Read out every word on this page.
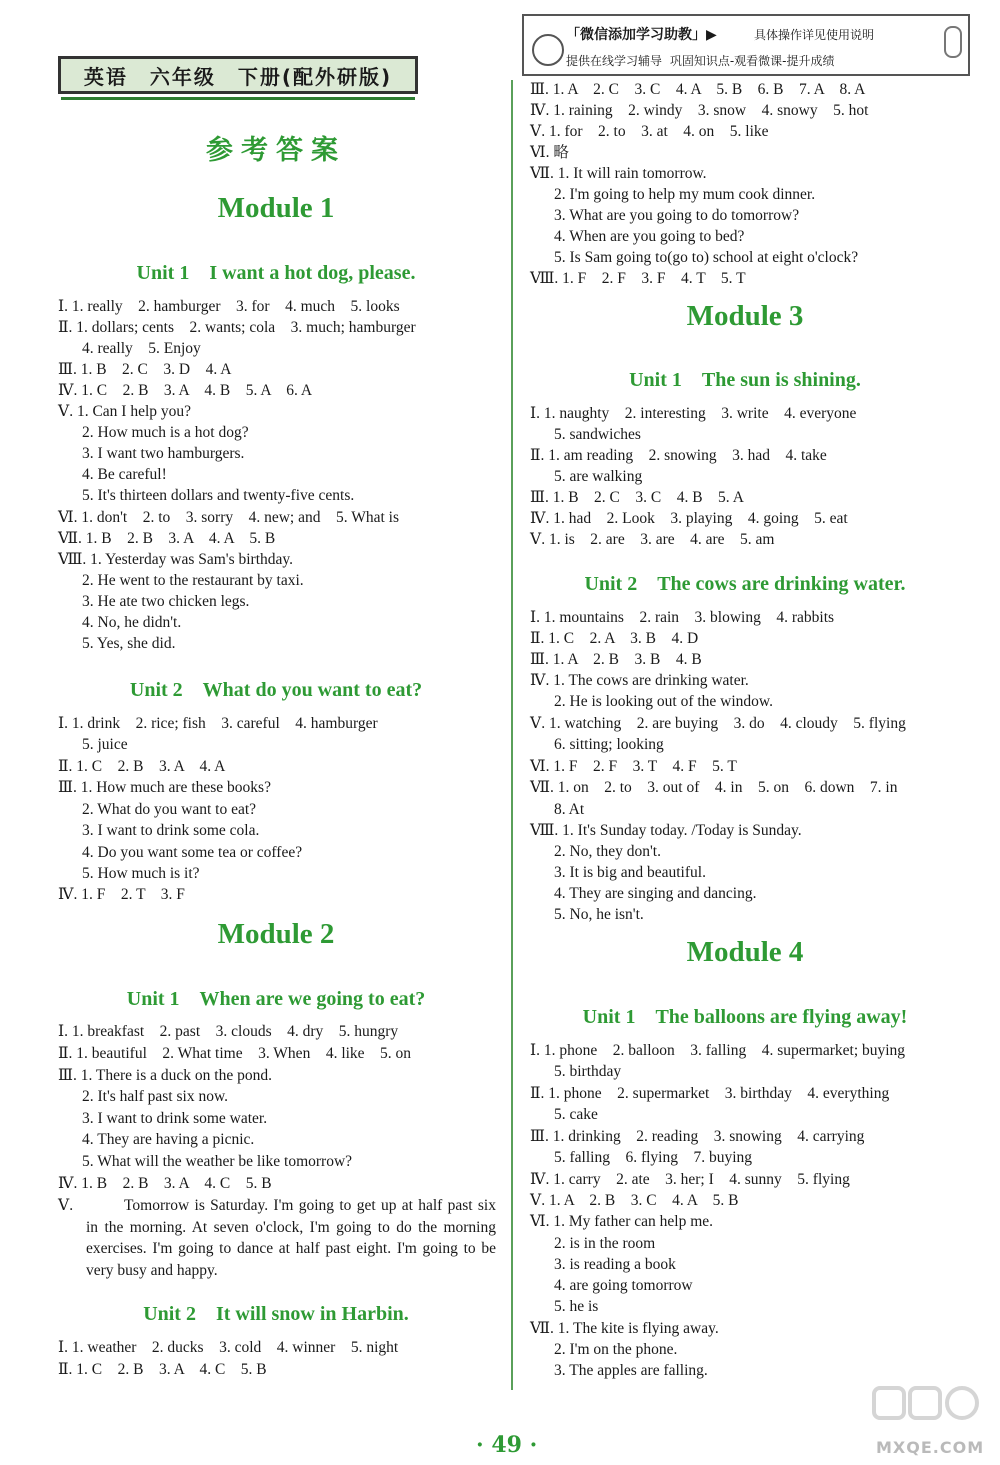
英语　六年级　下册(配外研版)
参考答案
「微信添加学习助教」▶	具体操作详见使用说明
提供在线学习辅导 巩固知识点-观看微课-提升成绩
Module 1
Unit 1　I want a hot dog, please.
Ⅰ. 1. really　2. hamburger　3. for　4. much　5. looks
Ⅱ. 1. dollars; cents　2. wants; cola　3. much; hamburger
4. really　5. Enjoy
Ⅲ. 1. B　2. C　3. D　4. A
Ⅳ. 1. C　2. B　3. A　4. B　5. A　6. A
Ⅴ. 1. Can I help you?
2. How much is a hot dog?
3. I want two hamburgers.
4. Be careful!
5. It's thirteen dollars and twenty-five cents.
Ⅵ. 1. don't　2. to　3. sorry　4. new; and　5. What is
Ⅶ. 1. B　2. B　3. A　4. A　5. B
Ⅷ. 1. Yesterday was Sam's birthday.
2. He went to the restaurant by taxi.
3. He ate two chicken legs.
4. No, he didn't.
5. Yes, she did.
Unit 2　What do you want to eat?
Ⅰ. 1. drink　2. rice; fish　3. careful　4. hamburger
5. juice
Ⅱ. 1. C　2. B　3. A　4. A
Ⅲ. 1. How much are these books?
2. What do you want to eat?
3. I want to drink some cola.
4. Do you want some tea or coffee?
5. How much is it?
Ⅳ. 1. F　2. T　3. F
Module 2
Unit 1　When are we going to eat?
Ⅰ. 1. breakfast　2. past　3. clouds　4. dry　5. hungry
Ⅱ. 1. beautiful　2. What time　3. When　4. like　5. on
Ⅲ. 1. There is a duck on the pond.
2. It's half past six now.
3. I want to drink some water.
4. They are having a picnic.
5. What will the weather be like tomorrow?
Ⅳ. 1. B　2. B　3. A　4. C　5. B
Ⅴ.	Tomorrow is Saturday. I'm going to get up at half past six in the morning. At seven o'clock, I'm going to do the morning exercises. I'm going to dance at half past eight. I'm going to be very busy and happy.
Unit 2　It will snow in Harbin.
Ⅰ. 1. weather　2. ducks　3. cold　4. winner　5. night
Ⅱ. 1. C　2. B　3. A　4. C　5. B
Ⅲ. 1. A　2. C　3. C　4. A　5. B　6. B　7. A　8. A
Ⅳ. 1. raining　2. windy　3. snow　4. snowy　5. hot
Ⅴ. 1. for　2. to　3. at　4. on　5. like
Ⅵ. 略
Ⅶ. 1. It will rain tomorrow.
2. I'm going to help my mum cook dinner.
3. What are you going to do tomorrow?
4. When are you going to bed?
5. Is Sam going to(go to) school at eight o'clock?
Ⅷ. 1. F　2. F　3. F　4. T　5. T
Module 3
Unit 1　The sun is shining.
Ⅰ. 1. naughty　2. interesting　3. write　4. everyone
5. sandwiches
Ⅱ. 1. am reading　2. snowing　3. had　4. take
5. are walking
Ⅲ. 1. B　2. C　3. C　4. B　5. A
Ⅳ. 1. had　2. Look　3. playing　4. going　5. eat
Ⅴ. 1. is　2. are　3. are　4. are　5. am
Unit 2　The cows are drinking water.
Ⅰ. 1. mountains　2. rain　3. blowing　4. rabbits
Ⅱ. 1. C　2. A　3. B　4. D
Ⅲ. 1. A　2. B　3. B　4. B
Ⅳ. 1. The cows are drinking water.
2. He is looking out of the window.
Ⅴ. 1. watching　2. are buying　3. do　4. cloudy　5. flying
6. sitting; looking
Ⅵ. 1. F　2. F　3. T　4. F　5. T
Ⅶ. 1. on　2. to　3. out of　4. in　5. on　6. down　7. in
8. At
Ⅷ. 1. It's Sunday today. /Today is Sunday.
2. No, they don't.
3. It is big and beautiful.
4. They are singing and dancing.
5. No, he isn't.
Module 4
Unit 1　The balloons are flying away!
Ⅰ. 1. phone　2. balloon　3. falling　4. supermarket; buying
5. birthday
Ⅱ. 1. phone　2. supermarket　3. birthday　4. everything
5. cake
Ⅲ. 1. drinking　2. reading　3. snowing　4. carrying
5. falling　6. flying　7. buying
Ⅳ. 1. carry　2. ate　3. her; I　4. sunny　5. flying
Ⅴ. 1. A　2. B　3. C　4. A　5. B
Ⅵ. 1. My father can help me.
2. is in the room
3. is reading a book
4. are going tomorrow
5. he is
Ⅶ. 1. The kite is flying away.
2. I'm on the phone.
3. The apples are falling.
· 49 ·	MXQE.COM
